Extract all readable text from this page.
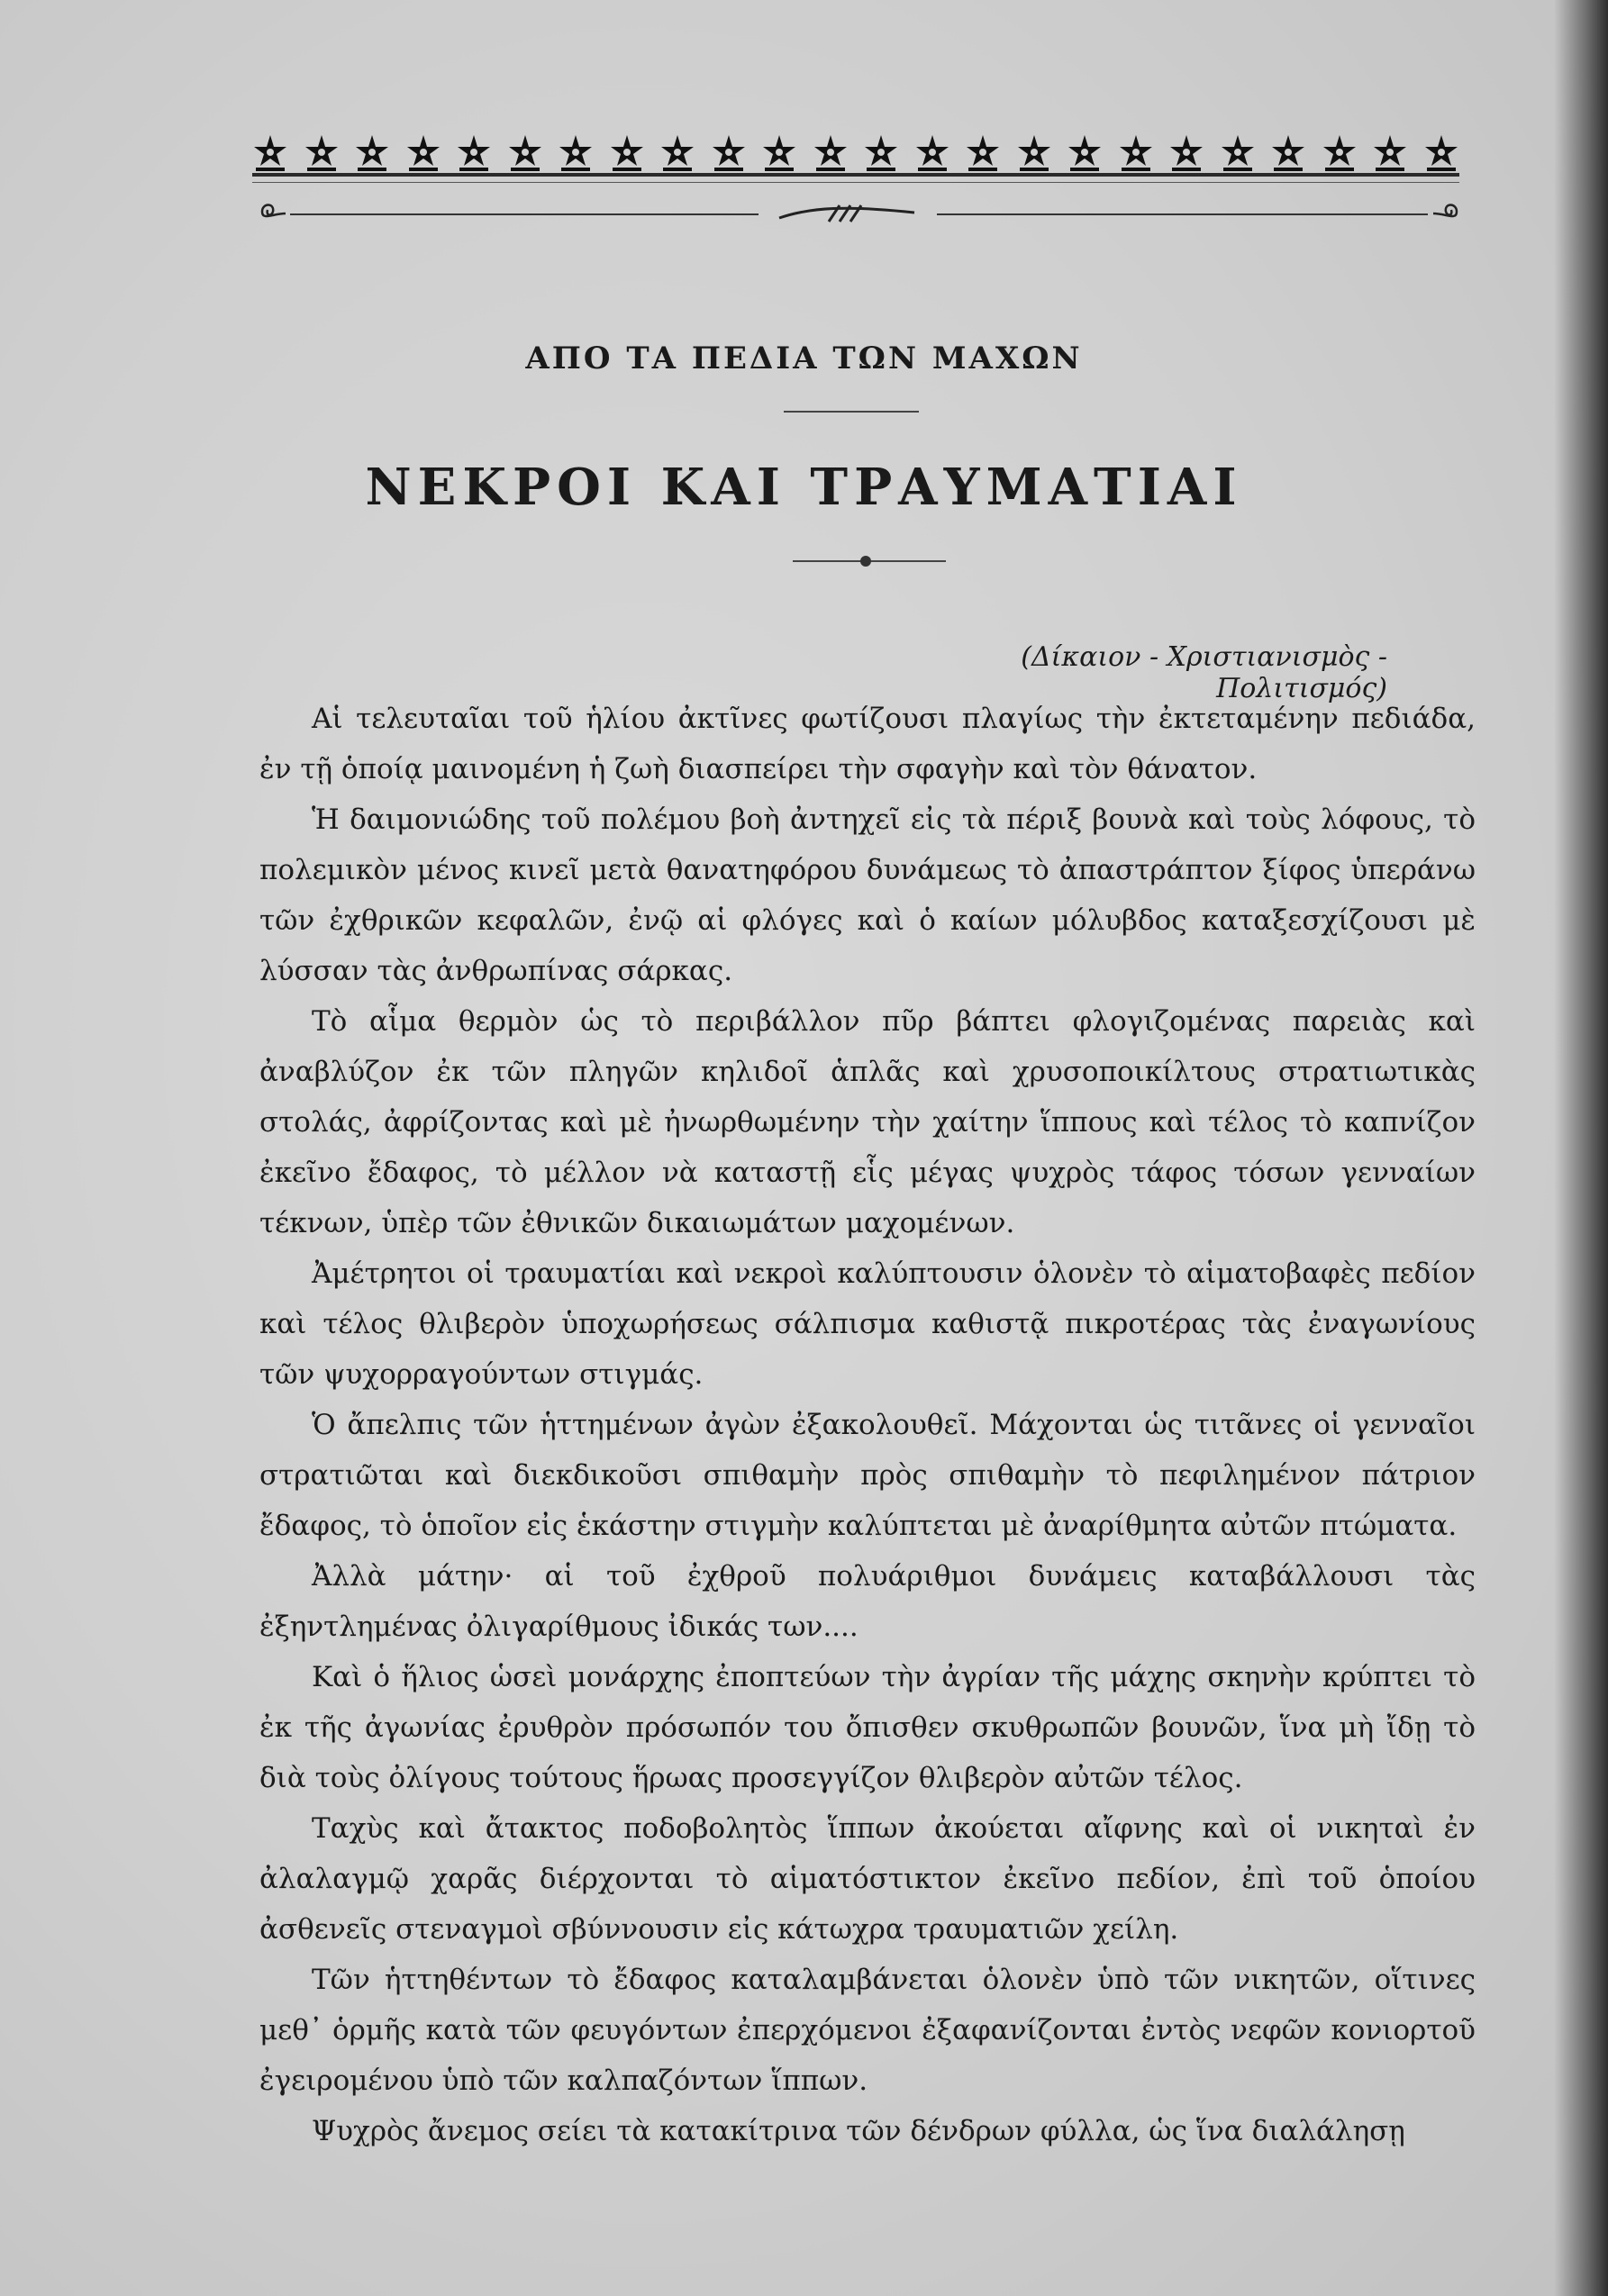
ΑΠΟ ΤΑ ΠΕΔΙΑ ΤΩΝ ΜΑΧΩΝ
ΝΕΚΡΟΙ ΚΑΙ ΤΡΑΥΜΑΤΙΑΙ
(Δίκαιον - Χριστιανισμὸς - Πολιτισμός)

Αἱ τελευταῖαι τοῦ ἡλίου ἀκτῖνες φωτίζουσι πλαγίως τὴν ἐκτεταμένην πεδιάδα, ἐν τῇ ὁποίᾳ μαινομένη ἡ ζωὴ διασπείρει τὴν σφαγὴν καὶ τὸν θάνατον.

Ἡ δαιμονιώδης τοῦ πολέμου βοὴ ἀντηχεῖ εἰς τὰ πέριξ βουνὰ καὶ τοὺς λόφους, τὸ πολεμικὸν μένος κινεῖ μετὰ θανατηφόρου δυνάμεως τὸ ἀπαστράπτον ξίφος ὑπεράνω τῶν ἐχθρικῶν κεφαλῶν, ἐνῷ αἱ φλόγες καὶ ὁ καίων μόλυβδος καταξεσχίζουσι μὲ λύσσαν τὰς ἀνθρωπίνας σάρκας.

Τὸ αἷμα θερμὸν ὡς τὸ περιβάλλον πῦρ βάπτει φλογιζομένας παρειὰς καὶ ἀναβλύζον ἐκ τῶν πληγῶν κηλιδοῖ ἁπλᾶς καὶ χρυσοποικίλτους στρατιωτικὰς στολάς, ἀφρίζοντας καὶ μὲ ἠνωρθωμένην τὴν χαίτην ἵππους καὶ τέλος τὸ καπνίζον ἐκεῖνο ἔδαφος, τὸ μέλλον νὰ καταστῇ εἷς μέγας ψυχρὸς τάφος τόσων γενναίων τέκνων, ὑπὲρ τῶν ἐθνικῶν δικαιωμάτων μαχομένων.

Ἀμέτρητοι οἱ τραυματίαι καὶ νεκροὶ καλύπτουσιν ὁλονὲν τὸ αἱματοβαφὲς πεδίον καὶ τέλος θλιβερὸν ὑποχωρήσεως σάλπισμα καθιστᾷ πικροτέρας τὰς ἐναγωνίους τῶν ψυχορραγούντων στιγμάς.

Ὁ ἄπελπις τῶν ἡττημένων ἀγὼν ἐξακολουθεῖ. Μάχονται ὡς τιτᾶνες οἱ γενναῖοι στρατιῶται καὶ διεκδικοῦσι σπιθαμὴν πρὸς σπιθαμὴν τὸ πεφιλημένον πάτριον ἔδαφος, τὸ ὁποῖον εἰς ἑκάστην στιγμὴν καλύπτεται μὲ ἀναρίθμητα αὐτῶν πτώματα.

Ἀλλὰ μάτην· αἱ τοῦ ἐχθροῦ πολυάριθμοι δυνάμεις καταβάλλουσι τὰς ἐξηντλημένας ὀλιγαρίθμους ἰδικάς των....

Καὶ ὁ ἥλιος ὡσεὶ μονάρχης ἐποπτεύων τὴν ἀγρίαν τῆς μάχης σκηνὴν κρύπτει τὸ ἐκ τῆς ἀγωνίας ἐρυθρὸν πρόσωπόν του ὄπισθεν σκυθρωπῶν βουνῶν, ἵνα μὴ ἴδῃ τὸ διὰ τοὺς ὀλίγους τούτους ἥρωας προσεγγίζον θλιβερὸν αὐτῶν τέλος.

Ταχὺς καὶ ἄτακτος ποδοβολητὸς ἵππων ἀκούεται αἴφνης καὶ οἱ νικηταὶ ἐν ἀλαλαγμῷ χαρᾶς διέρχονται τὸ αἱματόστικτον ἐκεῖνο πεδίον, ἐπὶ τοῦ ὁποίου ἀσθενεῖς στεναγμοὶ σβύννουσιν εἰς κάτωχρα τραυματιῶν χείλη.

Τῶν ἡττηθέντων τὸ ἔδαφος καταλαμβάνεται ὁλονὲν ὑπὸ τῶν νικητῶν, οἵτινες μεθ᾽ ὁρμῆς κατὰ τῶν φευγόντων ἐπερχόμενοι ἐξαφανίζονται ἐντὸς νεφῶν κονιορτοῦ ἐγειρομένου ὑπὸ τῶν καλπαζόντων ἵππων.

Ψυχρὸς ἄνεμος σείει τὰ κατακίτρινα τῶν δένδρων φύλλα, ὡς ἵνα διαλάλησῃ
